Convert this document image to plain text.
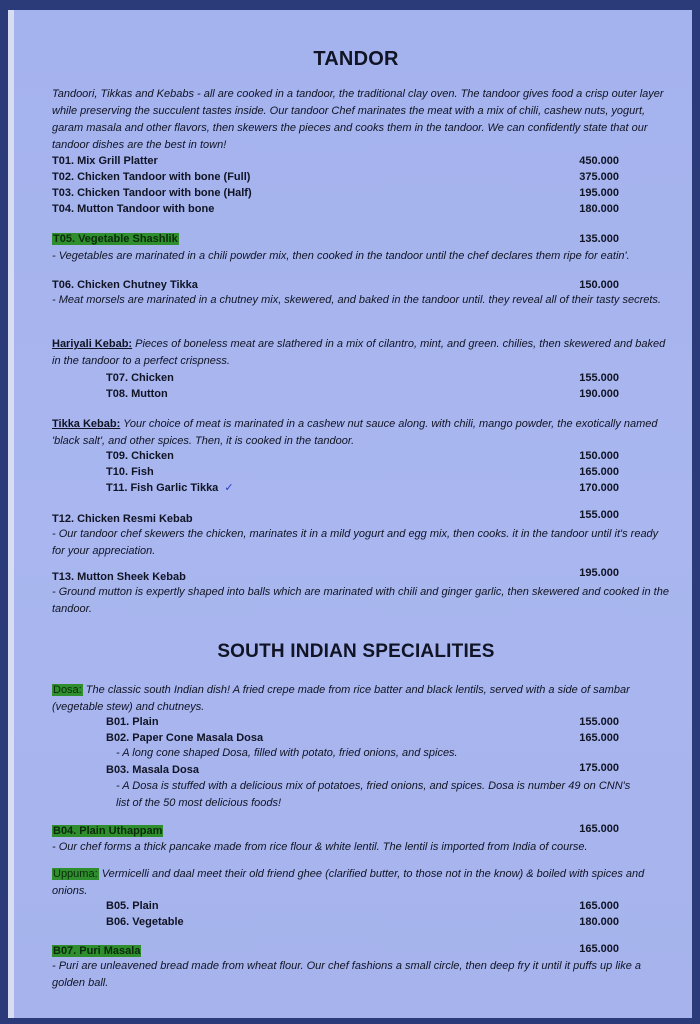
TANDOR
Tandoori, Tikkas and Kebabs - all are cooked in a tandoor, the traditional clay oven. The tandoor gives food a crisp outer layer while preserving the succulent tastes inside. Our tandoor Chef marinates the meat with a mix of chili, cashew nuts, yogurt, garam masala and other flavors, then skewers the pieces and cooks them in the tandoor. We can confidently state that our tandoor dishes are the best in town!
T01. Mix Grill Platter	450.000
T02. Chicken Tandoor with bone (Full)	375.000
T03. Chicken Tandoor with bone (Half)	195.000
T04. Mutton Tandoor with bone	180.000
T05. Vegetable Shashlik	135.000
- Vegetables are marinated in a chili powder mix, then cooked in the tandoor until the chef declares them ripe for eatin'.
T06. Chicken Chutney Tikka	150.000
- Meat morsels are marinated in a chutney mix, skewered, and baked in the tandoor until. they reveal all of their tasty secrets.
Hariyali Kebab: Pieces of boneless meat are slathered in a mix of cilantro, mint, and green. chilies, then skewered and baked in the tandoor to a perfect crispness.
T07. Chicken	155.000
T08. Mutton	190.000
Tikka Kebab: Your choice of meat is marinated in a cashew nut sauce along. with chili, mango powder, the exotically named 'black salt', and other spices. Then, it is cooked in the tandoor.
T09. Chicken	150.000
T10. Fish	165.000
T11. Fish Garlic Tikka ✓	170.000
T12. Chicken Resmi Kebab	155.000
- Our tandoor chef skewers the chicken, marinates it in a mild yogurt and egg mix, then cooks. it in the tandoor until it's ready for your appreciation.
T13. Mutton Sheek Kebab	195.000
- Ground mutton is expertly shaped into balls which are marinated with chili and ginger garlic, then skewered and cooked in the tandoor.
SOUTH INDIAN SPECIALITIES
Dosa: The classic south Indian dish! A fried crepe made from rice batter and black lentils, served with a side of sambar (vegetable stew) and chutneys.
B01. Plain	155.000
B02. Paper Cone Masala Dosa	165.000
- A long cone shaped Dosa, filled with potato, fried onions, and spices.
B03. Masala Dosa	175.000
- A Dosa is stuffed with a delicious mix of potatoes, fried onions, and spices. Dosa is number 49 on CNN's list of the 50 most delicious foods!
B04. Plain Uthappam	165.000
- Our chef forms a thick pancake made from rice flour & white lentil. The lentil is imported from India of course.
Uppuma: Vermicelli and daal meet their old friend ghee (clarified butter, to those not in the know) & boiled with spices and onions.
B05. Plain	165.000
B06. Vegetable	180.000
B07. Puri Masala	165.000
- Puri are unleavened bread made from wheat flour. Our chef fashions a small circle, then deep fry it until it puffs up like a golden ball.
